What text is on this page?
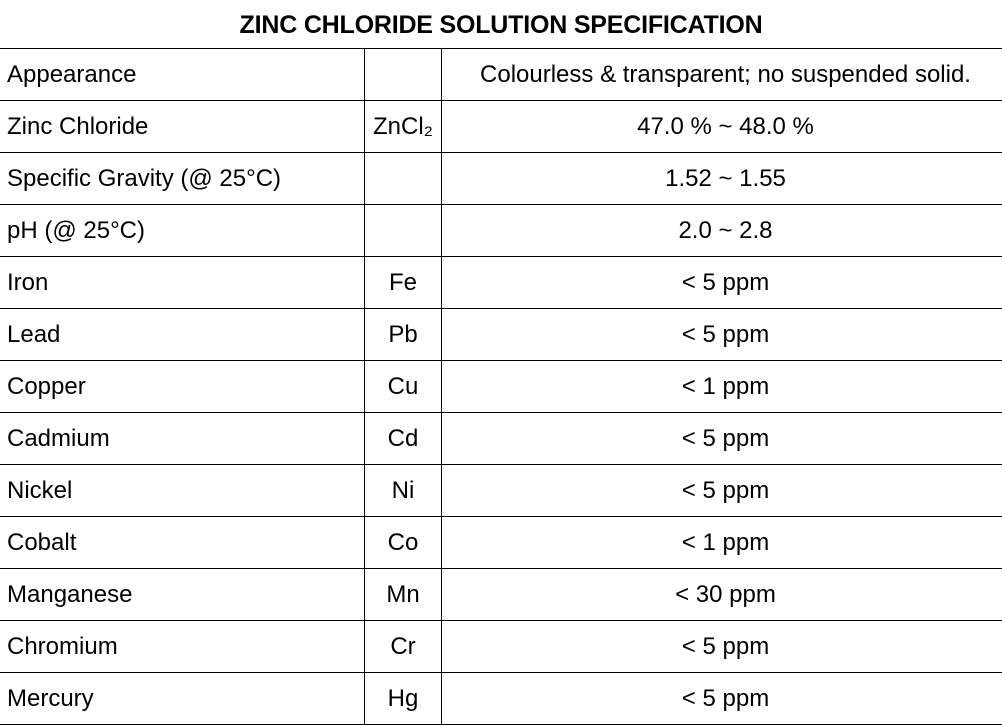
ZINC CHLORIDE SOLUTION SPECIFICATION
Appearance		Colourless & transparent; no suspended solid.
Zinc Chloride	ZnCl₂	47.0 % ~ 48.0 %
Specific Gravity (@ 25°C)		1.52 ~ 1.55
pH (@ 25°C)		2.0 ~ 2.8
Iron	Fe	< 5 ppm
Lead	Pb	< 5 ppm
Copper	Cu	< 1 ppm
Cadmium	Cd	< 5 ppm
Nickel	Ni	< 5 ppm
Cobalt	Co	< 1 ppm
Manganese	Mn	< 30 ppm
Chromium	Cr	< 5 ppm
Mercury	Hg	< 5 ppm
